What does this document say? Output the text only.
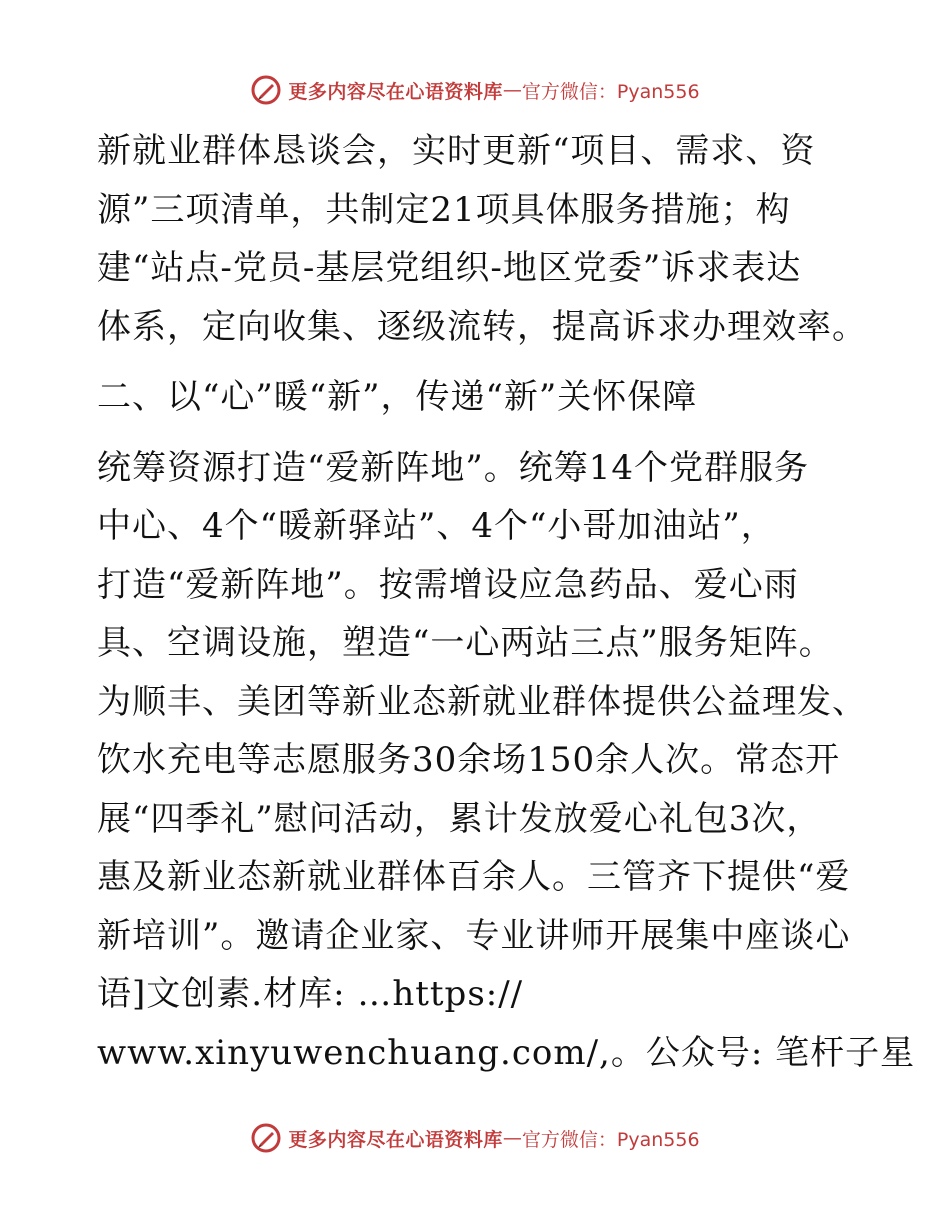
更多内容尽在心语资料库 — 官方微信：Pyan556
新就业群体恳谈会，实时更新“项目、需求、资
源”三项清单，共制定21项具体服务措施；构
建“站点-党员-基层党组织-地区党委”诉求表达
体系，定向收集、逐级流转，提高诉求办理效率。
二、以“心”暖“新”，传递“新”关怀保障
统筹资源打造“爱新阵地”。统筹14个党群服务
中心、4个“暖新驿站”、4个“小哥加油站”，
打造“爱新阵地”。按需增设应急药品、爱心雨
具、空调设施，塑造“一心两站三点”服务矩阵。
为顺丰、美团等新业态新就业群体提供公益理发、
饮水充电等志愿服务30余场150余人次。常态开
展“四季礼”慰问活动，累计发放爱心礼包3次，
惠及新业态新就业群体百余人。三管齐下提供“爱
新培训”。邀请企业家、专业讲师开展集中座谈心
语]文创素.材库: …https://
www.xinyuwenchuang.com/,。公众号: 笔杆子星
更多内容尽在心语资料库 — 官方微信：Pyan556
